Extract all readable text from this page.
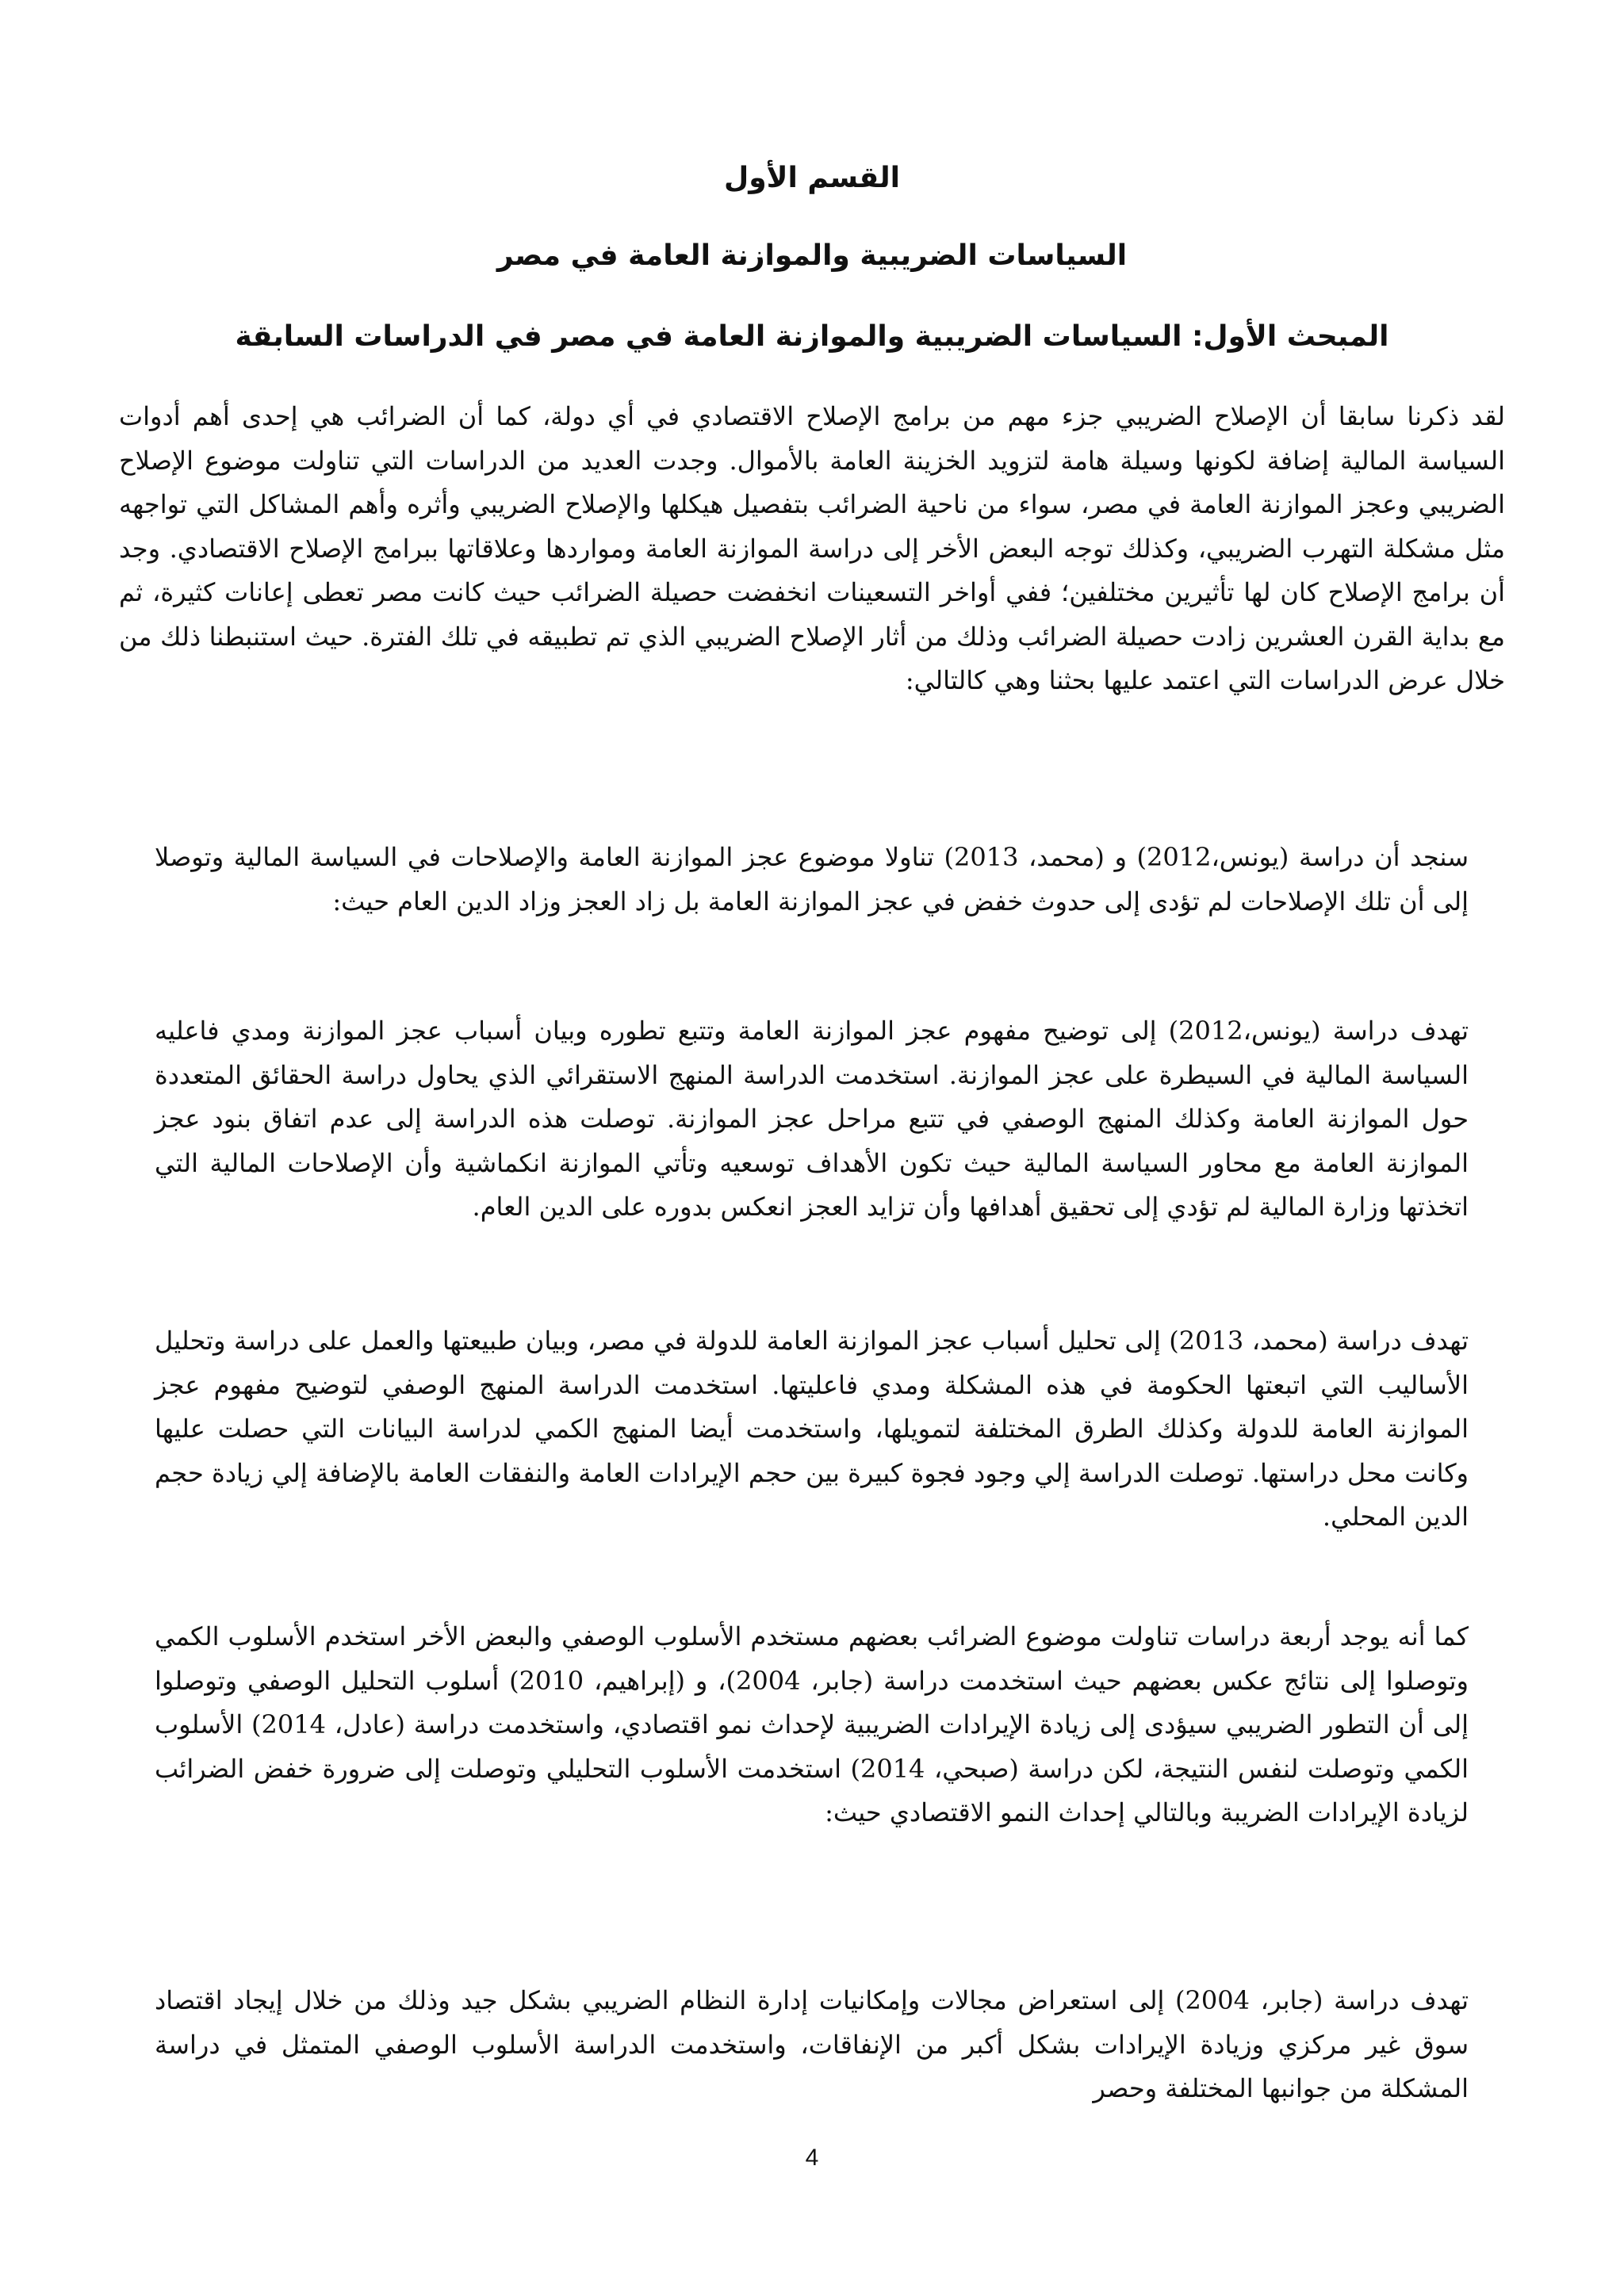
القسم الأول
السياسات الضريبية والموازنة العامة في مصر
المبحث الأول: السياسات الضريبية والموازنة العامة في مصر في الدراسات السابقة

لقد ذكرنا سابقا أن الإصلاح الضريبي جزء مهم من برامج الإصلاح الاقتصادي في أي دولة، كما أن الضرائب هي إحدى أهم أدوات السياسة المالية إضافة لكونها وسيلة هامة لتزويد الخزينة العامة بالأموال. وجدت العديد من الدراسات التي تناولت موضوع الإصلاح الضريبي وعجز الموازنة العامة في مصر، سواء من ناحية الضرائب بتفصيل هيكلها والإصلاح الضريبي وأثره وأهم المشاكل التي تواجهه مثل مشكلة التهرب الضريبي، وكذلك توجه البعض الأخر إلى دراسة الموازنة العامة ومواردها وعلاقاتها ببرامج الإصلاح الاقتصادي. وجد أن برامج الإصلاح كان لها تأثيرين مختلفين؛ ففي أواخر التسعينات انخفضت حصيلة الضرائب حيث كانت مصر تعطى إعانات كثيرة، ثم مع بداية القرن العشرين زادت حصيلة الضرائب وذلك من أثار الإصلاح الضريبي الذي تم تطبيقه في تلك الفترة. حيث استنبطنا ذلك من خلال عرض الدراسات التي اعتمد عليها بحثنا وهي كالتالي:

سنجد أن دراسة (يونس،2012) و (محمد، 2013) تناولا موضوع عجز الموازنة العامة والإصلاحات في السياسة المالية وتوصلا إلى أن تلك الإصلاحات لم تؤدى إلى حدوث خفض في عجز الموازنة العامة بل زاد العجز وزاد الدين العام حيث:

تهدف دراسة (يونس،2012) إلى توضيح مفهوم عجز الموازنة العامة وتتبع تطوره وبيان أسباب عجز الموازنة ومدي فاعليه السياسة المالية في السيطرة على عجز الموازنة. استخدمت الدراسة المنهج الاستقرائي الذي يحاول دراسة الحقائق المتعددة حول الموازنة العامة وكذلك المنهج الوصفي في تتبع مراحل عجز الموازنة. توصلت هذه الدراسة إلى عدم اتفاق بنود عجز الموازنة العامة مع محاور السياسة المالية حيث تكون الأهداف توسعيه وتأتي الموازنة انكماشية وأن الإصلاحات المالية التي اتخذتها وزارة المالية لم تؤدي إلى تحقيق أهدافها وأن تزايد العجز انعكس بدوره على الدين العام.

تهدف دراسة (محمد، 2013) إلى تحليل أسباب عجز الموازنة العامة للدولة في مصر، وبيان طبيعتها والعمل على دراسة وتحليل الأساليب التي اتبعتها الحكومة في هذه المشكلة ومدي فاعليتها. استخدمت الدراسة المنهج الوصفي لتوضيح مفهوم عجز الموازنة العامة للدولة وكذلك الطرق المختلفة لتمويلها، واستخدمت أيضا المنهج الكمي لدراسة البيانات التي حصلت عليها وكانت محل دراستها. توصلت الدراسة إلي وجود فجوة كبيرة بين حجم الإيرادات العامة والنفقات العامة بالإضافة إلي زيادة حجم الدين المحلي.

كما أنه يوجد أربعة دراسات تناولت موضوع الضرائب بعضهم مستخدم الأسلوب الوصفي والبعض الأخر استخدم الأسلوب الكمي وتوصلوا إلى نتائج عكس بعضهم حيث استخدمت دراسة (جابر، 2004)، و (إبراهيم، 2010) أسلوب التحليل الوصفي وتوصلوا إلى أن التطور الضريبي سيؤدى إلى زيادة الإيرادات الضريبية لإحداث نمو اقتصادي، واستخدمت دراسة (عادل، 2014) الأسلوب الكمي وتوصلت لنفس النتيجة، لكن دراسة (صبحي، 2014) استخدمت الأسلوب التحليلي وتوصلت إلى ضرورة خفض الضرائب لزيادة الإيرادات الضريبة وبالتالي إحداث النمو الاقتصادي حيث:

تهدف دراسة (جابر، 2004) إلى استعراض مجالات وإمكانيات إدارة النظام الضريبي بشكل جيد وذلك من خلال إيجاد اقتصاد سوق غير مركزي وزيادة الإيرادات بشكل أكبر من الإنفاقات، واستخدمت الدراسة الأسلوب الوصفي المتمثل في دراسة المشكلة من جوانبها المختلفة وحصر

4
